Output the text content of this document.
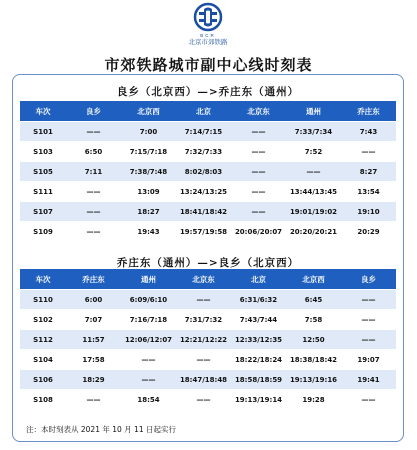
BCR
北京市郊铁路
市郊铁路城市副中心线时刻表
良乡（北京西）—>乔庄东（通州）
车次	良乡	北京西	北京	北京东	通州	乔庄东
S101	——	7:00	7:14/7:15	——	7:33/7:34	7:43
S103	6:50	7:15/7:18	7:32/7:33	——	7:52	——
S105	7:11	7:38/7:48	8:02/8:03	——	——	8:27
S111	——	13:09	13:24/13:25	——	13:44/13:45	13:54
S107	——	18:27	18:41/18:42	——	19:01/19:02	19:10
S109	——	19:43	19:57/19:58	20:06/20:07	20:20/20:21	20:29
乔庄东（通州）—>良乡（北京西）
车次	乔庄东	通州	北京东	北京	北京西	良乡
S110	6:00	6:09/6:10	——	6:31/6:32	6:45	——
S102	7:07	7:16/7:18	7:31/7:32	7:43/7:44	7:58	——
S112	11:57	12:06/12:07	12:21/12:22	12:33/12:35	12:50	——
S104	17:58	——	——	18:22/18:24	18:38/18:42	19:07
S106	18:29	——	18:47/18:48	18:58/18:59	19:13/19:16	19:41
S108	——	18:54	——	19:13/19:14	19:28	——
注：本时刻表从 2021 年 10 月 11 日起实行
